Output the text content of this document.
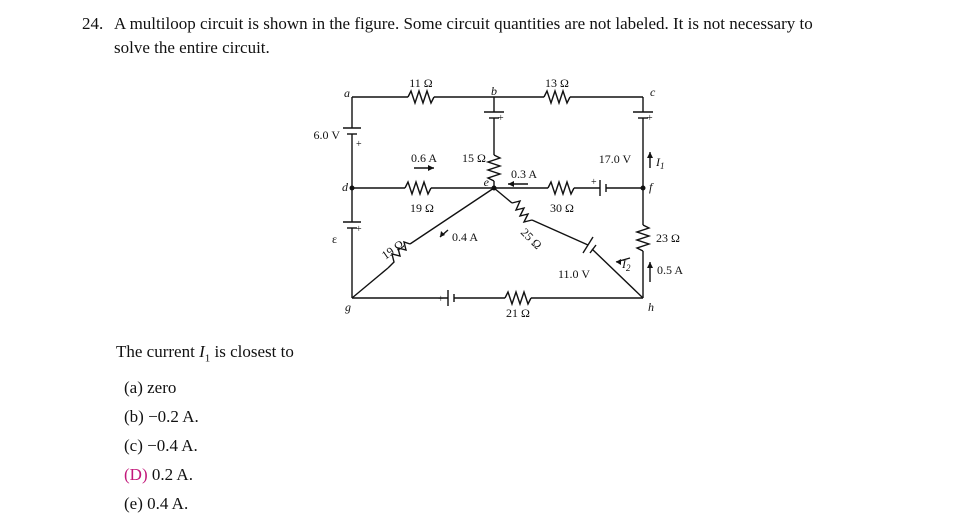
24. A multiloop circuit is shown in the figure. Some circuit quantities are not labeled. It is not necessary to
solve the entire circuit.
a	b	c
d	e	f
g	h
11 Ω	13 Ω
6.0 V
0.6 A 15 Ω
0.3 A
17.0 V $I_1$
19 Ω	30 Ω
ε	19 Ω
0.4 A	25 Ω	23 Ω
$I_2$ 0.5 A
11.0 V
21 Ω
+
+
+	+
+
+
The current $I_1$ is closest to
(a) zero
(b) −0.2 A.
(c) −0.4 A.
(D) 0.2 A.
(e) 0.4 A.
